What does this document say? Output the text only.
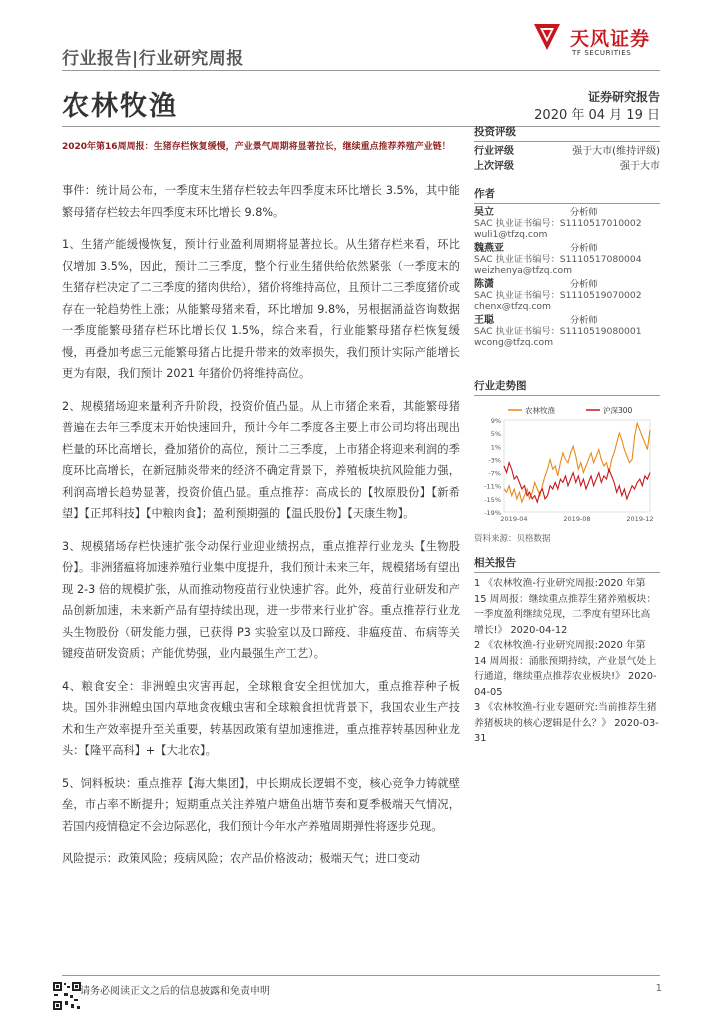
行业报告|行业研究周报
天风证券
TF SECURITIES
农林牧渔	证券研究报告
2020 年 04 月 19 日
2020年第16周周报：生猪存栏恢复缓慢，产业景气周期将显著拉长，继续重点推荐养殖产业链！

事件：统计局公布，一季度末生猪存栏较去年四季度末环比增长 3.5%，其中能繁母猪存栏较去年四季度末环比增长 9.8%。

1、生猪产能缓慢恢复，预计行业盈利周期将显著拉长。从生猪存栏来看，环比仅增加 3.5%，因此，预计二三季度，整个行业生猪供给依然紧张（一季度末的生猪存栏决定了二三季度的猪肉供给），猪价将维持高位，且预计二三季度猪价或存在一轮趋势性上涨；从能繁母猪来看，环比增加 9.8%，另根据涌益咨询数据一季度能繁母猪存栏环比增长仅 1.5%，综合来看，行业能繁母猪存栏恢复缓慢，再叠加考虑三元能繁母猪占比提升带来的效率损失，我们预计实际产能增长更为有限，我们预计 2021 年猪价仍将维持高位。

2、规模猪场迎来量利齐升阶段，投资价值凸显。从上市猪企来看，其能繁母猪普遍在去年三季度末开始快速回升，预计今年二季度各主要上市公司均将出现出栏量的环比高增长，叠加猪价的高位，预计二三季度，上市猪企将迎来利润的季度环比高增长，在新冠肺炎带来的经济不确定背景下，养殖板块抗风险能力强，利润高增长趋势显著，投资价值凸显。重点推荐：高成长的【牧原股份】【新希望】【正邦科技】【中粮肉食】；盈利预期强的【温氏股份】【天康生物】。

3、规模猪场存栏快速扩张令动保行业迎业绩拐点，重点推荐行业龙头【生物股份】。非洲猪瘟将加速养殖行业集中度提升，我们预计未来三年，规模猪场有望出现 2-3 倍的规模扩张，从而推动物疫苗行业快速扩容。此外，疫苗行业研发和产品创新加速，未来新产品有望持续出现，进一步带来行业扩容。重点推荐行业龙头生物股份（研发能力强，已获得 P3 实验室以及口蹄疫、非瘟疫苗、布病等关键疫苗研发资质；产能优势强，业内最强生产工艺）。

4、粮食安全：非洲蝗虫灾害再起，全球粮食安全担忧加大，重点推荐种子板块。国外非洲蝗虫国内草地贪夜蛾虫害和全球粮食担忧背景下，我国农业生产技术和生产效率提升至关重要，转基因政策有望加速推进，重点推荐转基因种业龙头：【隆平高科】+【大北农】。

5、饲料板块：重点推荐【海大集团】，中长期成长逻辑不变，核心竞争力铸就壁垒，市占率不断提升；短期重点关注养殖户塘鱼出塘节奏和夏季极端天气情况，若国内疫情稳定不会边际恶化，我们预计今年水产养殖周期弹性将逐步兑现。

风险提示：政策风险；疫病风险；农产品价格波动；极端天气；进口变动

投资评级
行业评级	强于大市(维持评级)
上次评级	强于大市
作者
吴立	分析师
SAC 执业证书编号：S1110517010002
wuli1@tfzq.com
魏燕亚	分析师
SAC 执业证书编号：S1110517080004
weizhenya@tfzq.com
陈潇	分析师
SAC 执业证书编号：S1110519070002
chenx@tfzq.com
王聪	分析师
SAC 执业证书编号：S1110519080001
wcong@tfzq.com
行业走势图
9%
5%
1%
-3%
-7%
-11%
-15%
-19%
2019-04	2019-08	2019-12
农林牧渔	沪深300
资料来源：贝格数据
相关报告
1 《农林牧渔-行业研究周报:2020 年第 15 周周报：继续重点推荐生猪养殖板块：一季度盈利继续兑现，二季度有望环比高增长!》 2020-04-12
2 《农林牧渔-行业研究周报:2020 年第 14 周周报：涌胀预期持续，产业景气处上行通道，继续重点推荐农业板块!》 2020-04-05
3 《农林牧渔-行业专题研究:当前推荐生猪养猪板块的核心逻辑是什么？》 2020-03-31
请务必阅读正文之后的信息披露和免责申明	1
